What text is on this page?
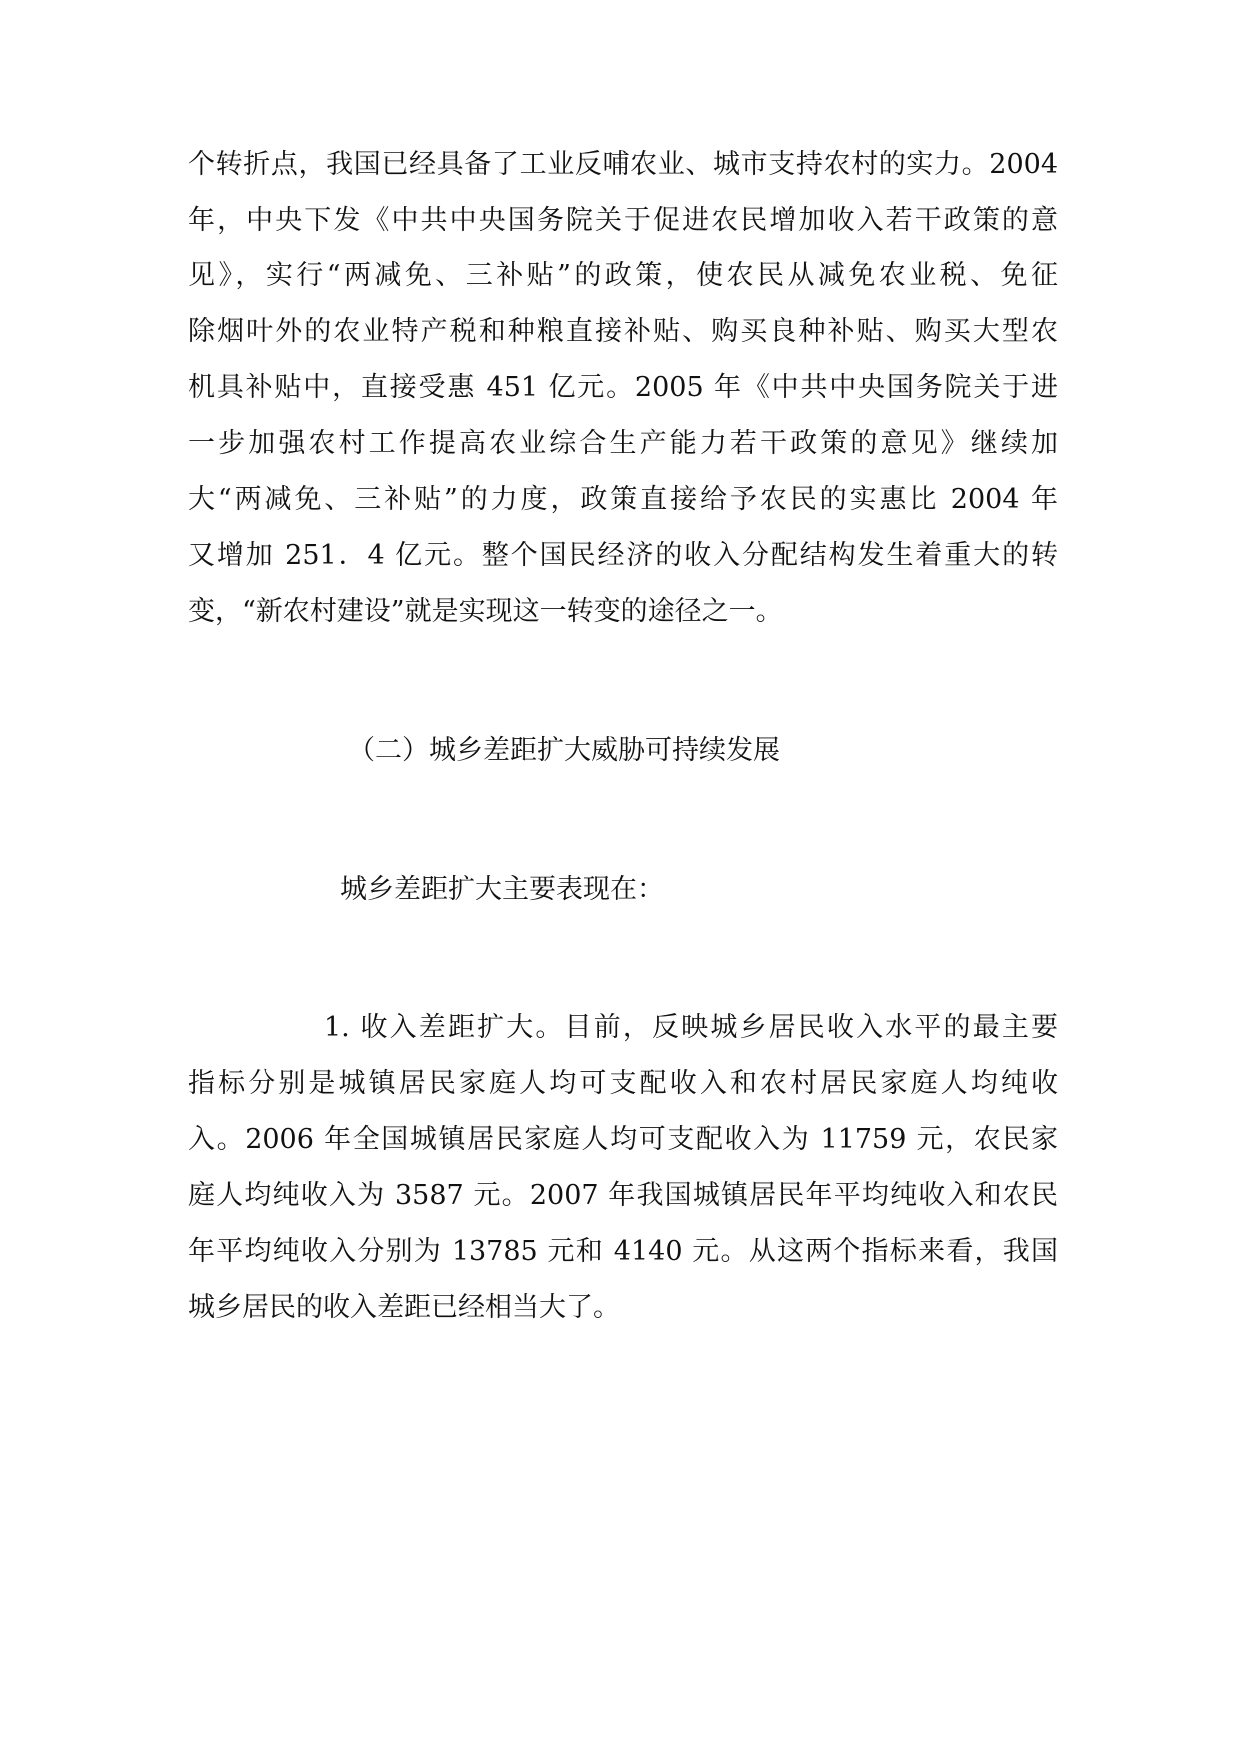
个转折点，我国已经具备了工业反哺农业、城市支持农村的实力。2004

年，中央下发《中共中央国务院关于促进农民增加收入若干政策的意

见》，实行“两减免、三补贴”的政策，使农民从减免农业税、免征

除烟叶外的农业特产税和种粮直接补贴、购买良种补贴、购买大型农

机具补贴中，直接受惠 451 亿元。2005 年《中共中央国务院关于进

一步加强农村工作提高农业综合生产能力若干政策的意见》继续加

大“两减免、三补贴”的力度，政策直接给予农民的实惠比 2004 年

又增加 251．4 亿元。整个国民经济的收入分配结构发生着重大的转

变，“新农村建设”就是实现这一转变的途径之一。

（二）城乡差距扩大威胁可持续发展

城乡差距扩大主要表现在：

1. 收入差距扩大。目前，反映城乡居民收入水平的最主要

指标分别是城镇居民家庭人均可支配收入和农村居民家庭人均纯收

入。2006 年全国城镇居民家庭人均可支配收入为 11759 元，农民家

庭人均纯收入为 3587 元。2007 年我国城镇居民年平均纯收入和农民

年平均纯收入分别为 13785 元和 4140 元。从这两个指标来看，我国

城乡居民的收入差距已经相当大了。
